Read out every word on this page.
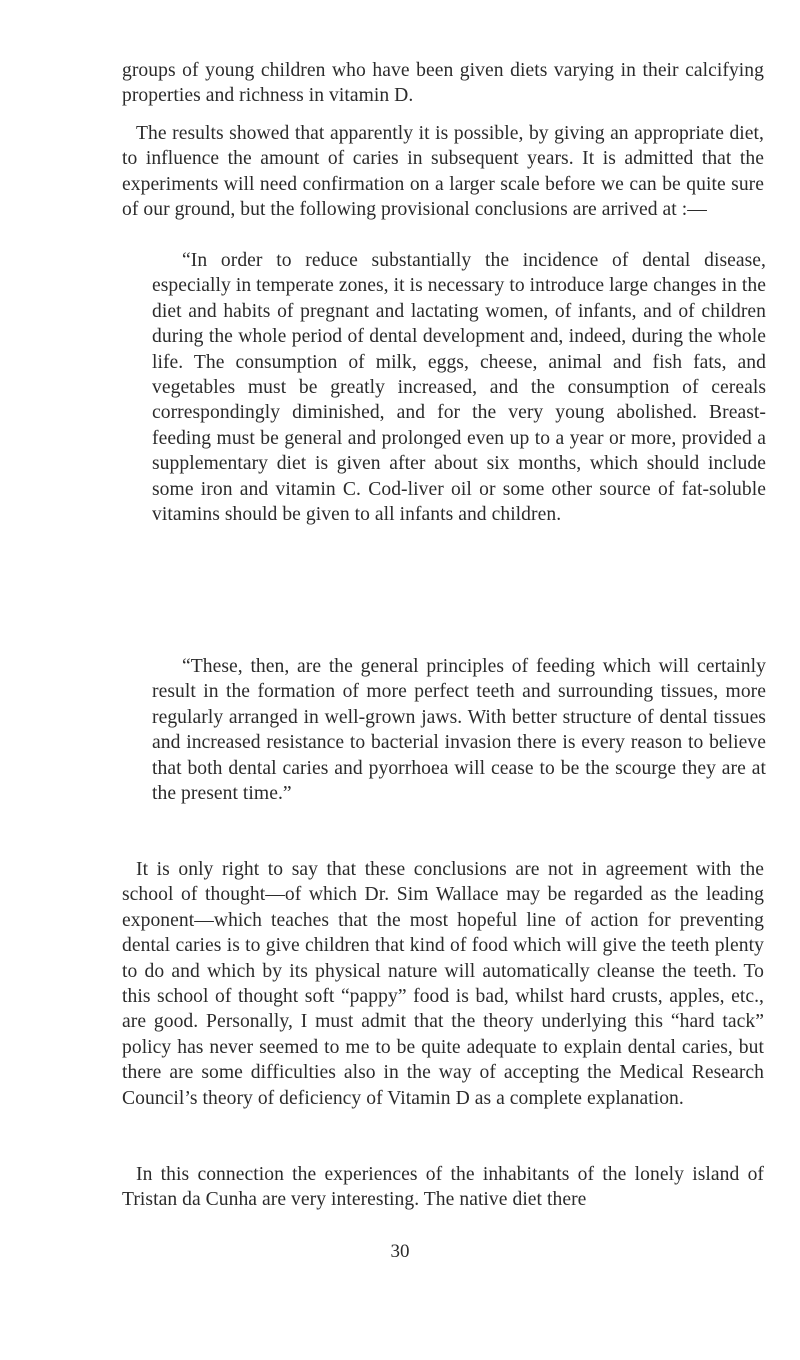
groups of young children who have been given diets varying in their calcifying properties and richness in vitamin D.

The results showed that apparently it is possible, by giving an appropriate diet, to influence the amount of caries in subsequent years. It is admitted that the experiments will need confirmation on a larger scale before we can be quite sure of our ground, but the following provisional conclusions are arrived at :—

“In order to reduce substantially the incidence of dental disease, especially in temperate zones, it is necessary to introduce large changes in the diet and habits of pregnant and lactating women, of infants, and of children during the whole period of dental development and, indeed, during the whole life. The consumption of milk, eggs, cheese, animal and fish fats, and vegetables must be greatly increased, and the consumption of cereals correspondingly diminished, and for the very young abolished. Breast-feeding must be general and prolonged even up to a year or more, provided a supplementary diet is given after about six months, which should include some iron and vitamin C. Cod-liver oil or some other source of fat-soluble vitamins should be given to all infants and children.

“These, then, are the general principles of feeding which will certainly result in the formation of more perfect teeth and surrounding tissues, more regularly arranged in well-grown jaws. With better structure of dental tissues and increased resistance to bacterial invasion there is every reason to believe that both dental caries and pyorrhoea will cease to be the scourge they are at the present time.”

It is only right to say that these conclusions are not in agreement with the school of thought—of which Dr. Sim Wallace may be regarded as the leading exponent—which teaches that the most hopeful line of action for preventing dental caries is to give children that kind of food which will give the teeth plenty to do and which by its physical nature will automatically cleanse the teeth. To this school of thought soft “pappy” food is bad, whilst hard crusts, apples, etc., are good. Personally, I must admit that the theory underlying this “hard tack” policy has never seemed to me to be quite adequate to explain dental caries, but there are some difficulties also in the way of accepting the Medical Research Council’s theory of deficiency of Vitamin D as a complete explanation.

In this connection the experiences of the inhabitants of the lonely island of Tristan da Cunha are very interesting. The native diet there

30
